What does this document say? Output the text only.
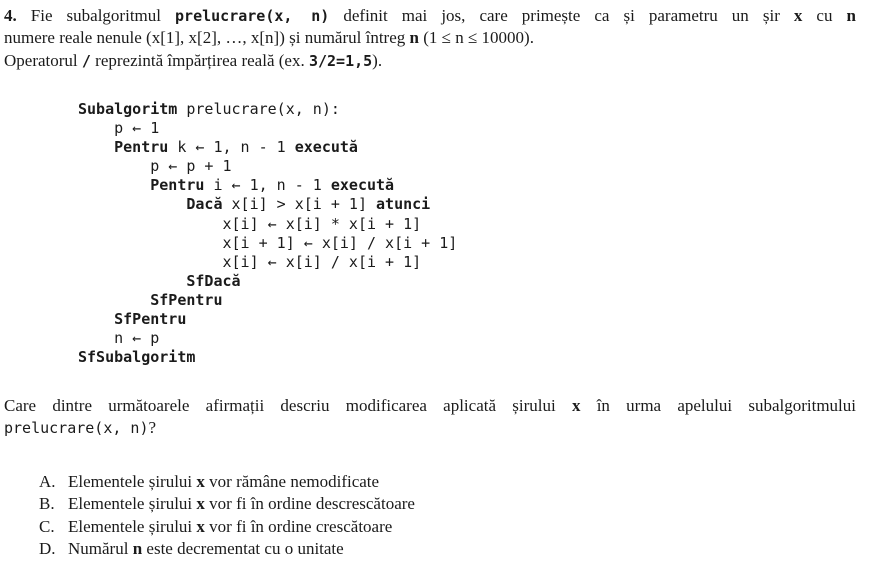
4. Fie subalgoritmul prelucrare(x, n) definit mai jos, care primește ca și parametru un șir x cu n
numere reale nenule (x[1], x[2], …, x[n]) și numărul întreg n (1 ≤ n ≤ 10000).
Operatorul / reprezintă împărțirea reală (ex. 3/2=1,5).
Subalgoritm prelucrare(x, n):
p ← 1
Pentru k ← 1, n - 1 execută
p ← p + 1
Pentru i ← 1, n - 1 execută
Dacă x[i] > x[i + 1] atunci
x[i] ← x[i] * x[i + 1]
x[i + 1] ← x[i] / x[i + 1]
x[i] ← x[i] / x[i + 1]
SfDacă
SfPentru
SfPentru
n ← p
SfSubalgoritm
Care dintre următoarele afirmații descriu modificarea aplicată șirului x în urma apelului subalgoritmului
prelucrare(x, n)?
A. Elementele șirului x vor rămâne nemodificate
B. Elementele șirului x vor fi în ordine descrescătoare
C. Elementele șirului x vor fi în ordine crescătoare
D. Numărul n este decrementat cu o unitate
